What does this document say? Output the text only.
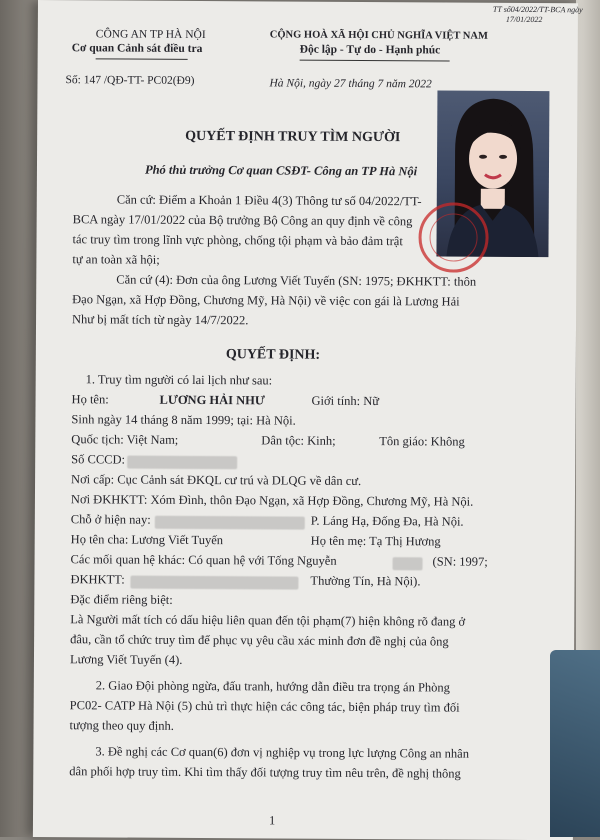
TT số04/2022/TT-BCA ngày
17/01/2022
CÔNG AN TP HÀ NỘI
Cơ quan Cảnh sát điều tra
Số: 147 /QĐ-TT- PC02(Đ9)
CỘNG HOÀ XÃ HỘI CHỦ NGHĨA VIỆT NAM
Độc lập - Tự do - Hạnh phúc
Hà Nội, ngày 27 tháng 7 năm 2022
QUYẾT ĐỊNH TRUY TÌM NGƯỜI
Phó thủ trưởng Cơ quan CSĐT- Công an TP Hà Nội
Căn cứ: Điểm a Khoản 1 Điều 4(3) Thông tư số 04/2022/TT-
BCA ngày 17/01/2022 của Bộ trưởng Bộ Công an quy định về công
tác truy tìm trong lĩnh vực phòng, chống tội phạm và bảo đảm trật
tự an toàn xã hội;
Căn cứ (4): Đơn của ông Lương Viết Tuyến (SN: 1975; ĐKHKTT: thôn
Đạo Ngạn, xã Hợp Đồng, Chương Mỹ, Hà Nội) về việc con gái là Lương Hải
Như bị mất tích từ ngày 14/7/2022.
QUYẾT ĐỊNH:
1. Truy tìm người có lai lịch như sau:
Họ tên:	LƯƠNG HẢI NHƯ	Giới tính: Nữ
Sinh ngày 14 tháng 8 năm 1999; tại: Hà Nội.
Quốc tịch: Việt Nam;	Dân tộc: Kinh;	Tôn giáo: Không
Số CCCD:
Nơi cấp: Cục Cảnh sát ĐKQL cư trú và DLQG về dân cư.
Nơi ĐKHKTT: Xóm Đình, thôn Đạo Ngạn, xã Hợp Đồng, Chương Mỹ, Hà Nội.
Chỗ ở hiện nay:	P. Láng Hạ, Đống Đa, Hà Nội.
Họ tên cha: Lương Viết Tuyến	Họ tên mẹ: Tạ Thị Hương
Các mối quan hệ khác: Có quan hệ với Tống Nguyễn	(SN: 1997;
ĐKHKTT:	Thường Tín, Hà Nội).
Đặc điểm riêng biệt:
Là Người mất tích có dấu hiệu liên quan đến tội phạm(7) hiện không rõ đang ở
đâu, cần tổ chức truy tìm để phục vụ yêu cầu xác minh đơn đề nghị của ông
Lương Viết Tuyến (4).
2. Giao Đội phòng ngừa, đấu tranh, hướng dẫn điều tra trọng án Phòng
PC02- CATP Hà Nội (5) chủ trì thực hiện các công tác, biện pháp truy tìm đối
tượng theo quy định.
3. Đề nghị các Cơ quan(6) đơn vị nghiệp vụ trong lực lượng Công an nhân
dân phối hợp truy tìm. Khi tìm thấy đối tượng truy tìm nêu trên, đề nghị thông
1
